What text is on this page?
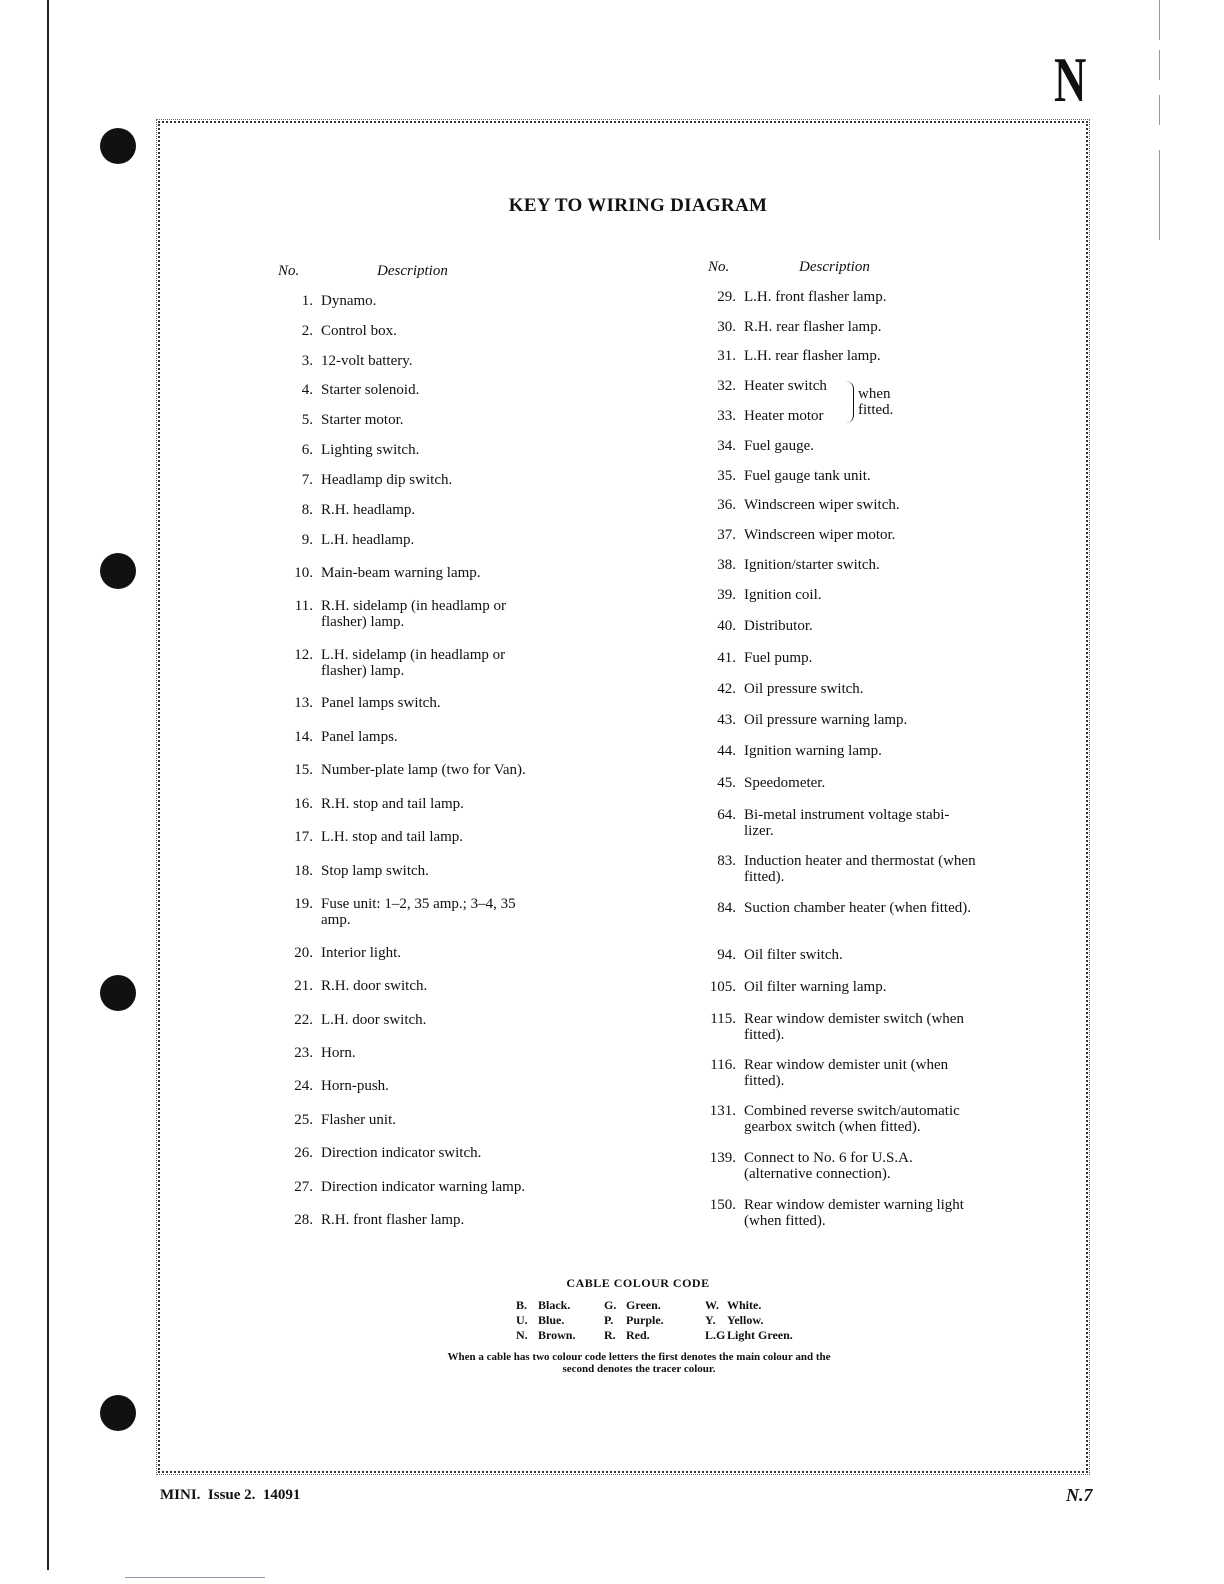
N
KEY TO WIRING DIAGRAM
No.	Description	No.	Description
1. Dynamo.
2. Control box.
3. 12-volt battery.
4. Starter solenoid.
5. Starter motor.
6. Lighting switch.
7. Headlamp dip switch.
8. R.H. headlamp.
9. L.H. headlamp.
10. Main-beam warning lamp.
11. R.H. sidelamp (in headlamp or flasher) lamp.
12. L.H. sidelamp (in headlamp or flasher) lamp.
13. Panel lamps switch.
14. Panel lamps.
15. Number-plate lamp (two for Van).
16. R.H. stop and tail lamp.
17. L.H. stop and tail lamp.
18. Stop lamp switch.
19. Fuse unit: 1–2, 35 amp.; 3–4, 35 amp.
20. Interior light.
21. R.H. door switch.
22. L.H. door switch.
23. Horn.
24. Horn-push.
25. Flasher unit.
26. Direction indicator switch.
27. Direction indicator warning lamp.
28. R.H. front flasher lamp.
29. L.H. front flasher lamp.
30. R.H. rear flasher lamp.
31. L.H. rear flasher lamp.
32. Heater switch
33. Heater motor
34. Fuel gauge.
35. Fuel gauge tank unit.
36. Windscreen wiper switch.
37. Windscreen wiper motor.
38. Ignition/starter switch.
39. Ignition coil.
40. Distributor.
41. Fuel pump.
42. Oil pressure switch.
43. Oil pressure warning lamp.
44. Ignition warning lamp.
45. Speedometer.
64. Bi-metal instrument voltage stabi- lizer.
83. Induction heater and thermostat (when fitted).
84. Suction chamber heater (when fitted).
94. Oil filter switch.
105. Oil filter warning lamp.
115. Rear window demister switch (when fitted).
116. Rear window demister unit (when fitted).
131. Combined reverse switch/automatic gearbox switch (when fitted).
139. Connect to No. 6 for U.S.A. (alternative connection).
150. Rear window demister warning light (when fitted).
when fitted.
CABLE COLOUR CODE
B. Black.	G. Green.	W. White.
U. Blue.	P. Purple.	Y. Yellow.
N. Brown. R. Red.	L.G Light Green.
When a cable has two colour code letters the first denotes the main colour and the second denotes the tracer colour.
MINI.  Issue 2.  14091	N.7
